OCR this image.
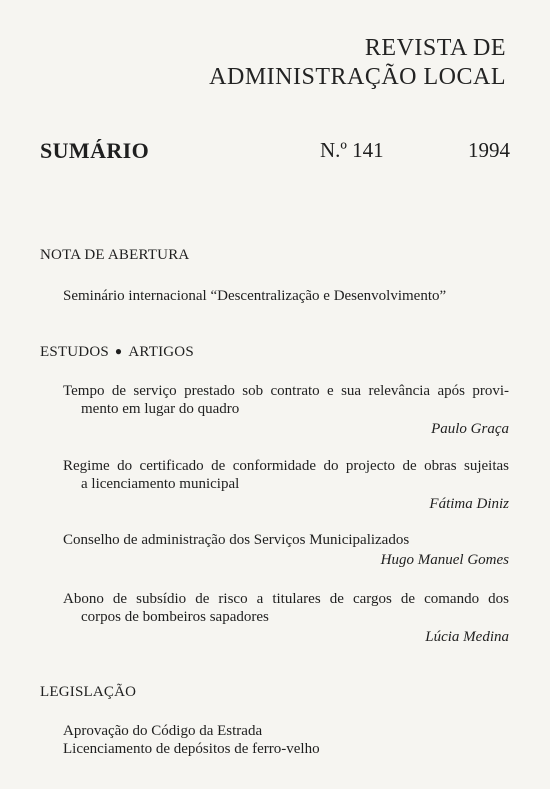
REVISTA DE
ADMINISTRAÇÃO LOCAL
SUMÁRIO	N.º 141	1994
NOTA DE ABERTURA
Seminário internacional “Descentralização e Desenvolvimento”
ESTUDOS ● ARTIGOS
Tempo de serviço prestado sob contrato e sua relevância após provi-
mento em lugar do quadro
Paulo Graça
Regime do certificado de conformidade do projecto de obras sujeitas
a licenciamento municipal
Fátima Diniz
Conselho de administração dos Serviços Municipalizados
Hugo Manuel Gomes
Abono de subsídio de risco a titulares de cargos de comando dos
corpos de bombeiros sapadores
Lúcia Medina
LEGISLAÇÃO
Aprovação do Código da Estrada
Licenciamento de depósitos de ferro-velho
